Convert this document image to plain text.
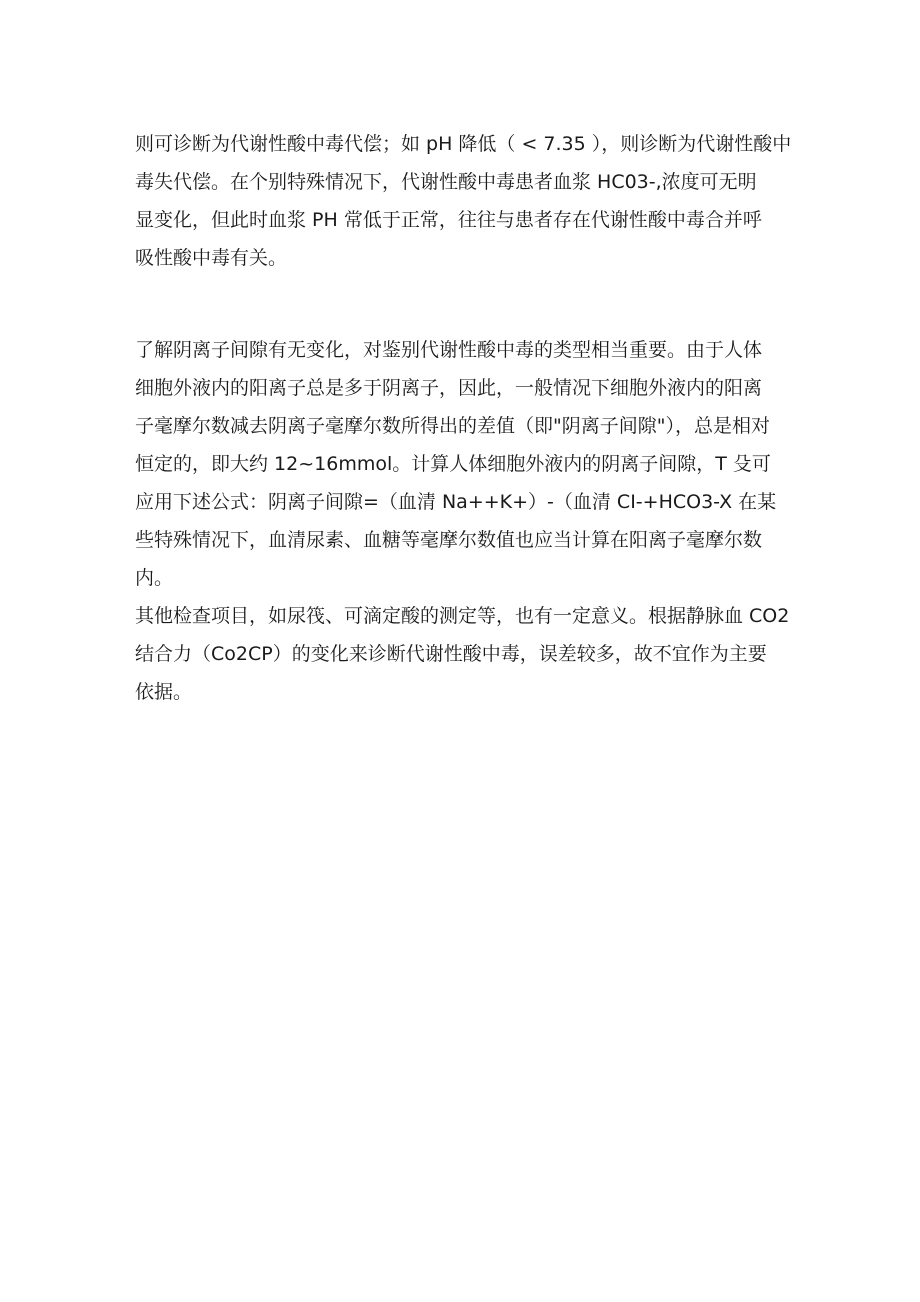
则可诊断为代谢性酸中毒代偿；如 pH 降低（ < 7.35 ），则诊断为代谢性酸中
毒失代偿。在个别特殊情况下，代谢性酸中毒患者血浆 HC03-,浓度可无明
显变化，但此时血浆 PH 常低于正常，往往与患者存在代谢性酸中毒合并呼
吸性酸中毒有关。
了解阴离子间隙有无变化，对鉴别代谢性酸中毒的类型相当重要。由于人体
细胞外液内的阳离子总是多于阴离子，因此，一般情况下细胞外液内的阳离
子毫摩尔数减去阴离子毫摩尔数所得出的差值（即"阴离子间隙"），总是相对
恒定的，即大约 12~16mmol。计算人体细胞外液内的阴离子间隙，T 殳可
应用下述公式：阴离子间隙=（血清 Na++K+）-（血清 CI-+HCO3-X 在某
些特殊情况下，血清尿素、血糖等毫摩尔数值也应当计算在阳离子毫摩尔数
内。
其他检查项目，如尿筏、可滴定酸的测定等，也有一定意义。根据静脉血 CO2
结合力（Co2CP）的变化来诊断代谢性酸中毒，误差较多，故不宜作为主要
依据。
